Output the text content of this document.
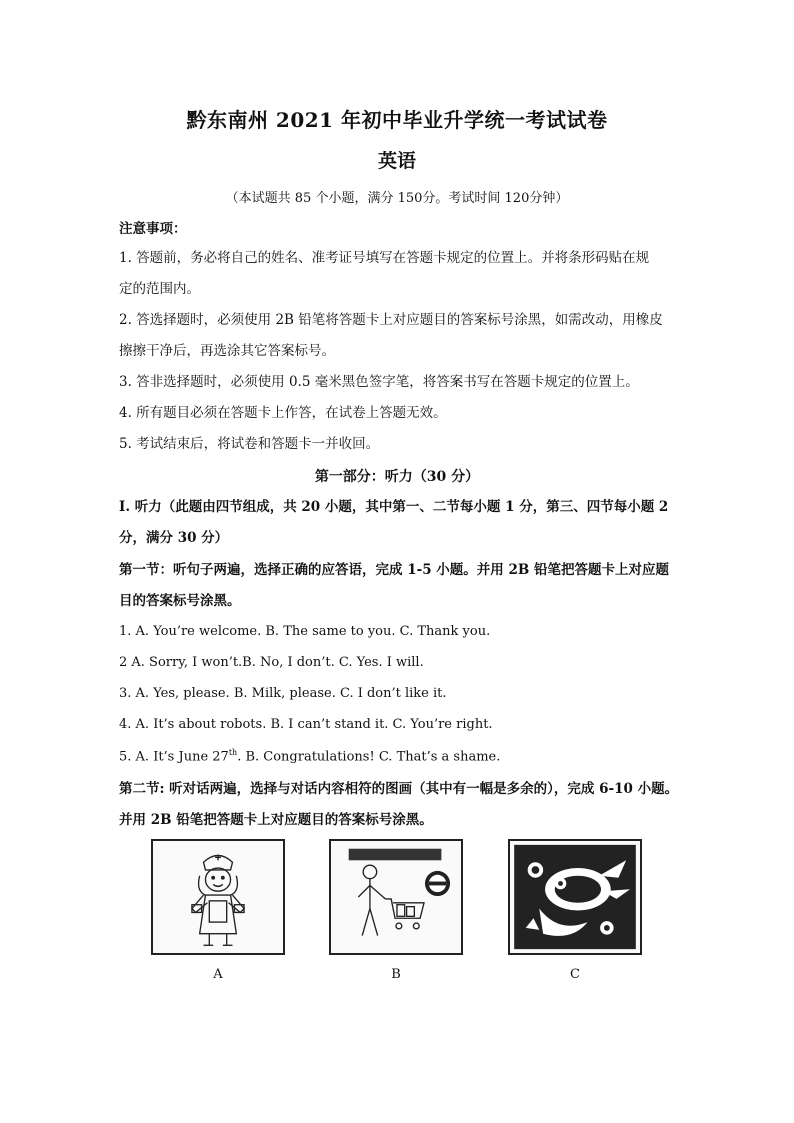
黔东南州 2021 年初中毕业升学统一考试试卷
英语
（本试题共 85 个小题，满分 150分。考试时间 120分钟）
注意事项：
1. 答题前，务必将自己的姓名、准考证号填写在答题卡规定的位置上。并将条形码贴在规
定的范围内。
2. 答选择题时，必须使用 2B 铅笔将答题卡上对应题目的答案标号涂黑，如需改动，用橡皮
擦擦干净后，再选涂其它答案标号。
3. 答非选择题时，必须使用 0.5 毫米黑色签字笔，将答案书写在答题卡规定的位置上。
4. 所有题目必须在答题卡上作答，在试卷上答题无效。
5. 考试结束后，将试卷和答题卡一并收回。
第一部分：听力（30 分）
Ⅰ. 听力（此题由四节组成，共 20 小题，其中第一、二节每小题 1 分，第三、四节每小题 2
分，满分 30 分）
第一节：听句子两遍，选择正确的应答语，完成 1-5 小题。并用 2B 铅笔把答题卡上对应题
目的答案标号涂黑。
1. A. You’re welcome. B. The same to you. C. Thank you.
2 A. Sorry, I won’t.B. No, I don’t. C. Yes. I will.
3. A. Yes, please. B. Milk, please. C. I don’t like it.
4. A. It’s about robots. B. I can’t stand it. C. You’re right.
5. A. It’s June 27th. B. Congratulations! C. That’s a shame.
第二节: 听对话两遍，选择与对话内容相符的图画（其中有一幅是多余的），完成 6-10 小题。
并用 2B 铅笔把答题卡上对应题目的答案标号涂黑。
A	B	C
